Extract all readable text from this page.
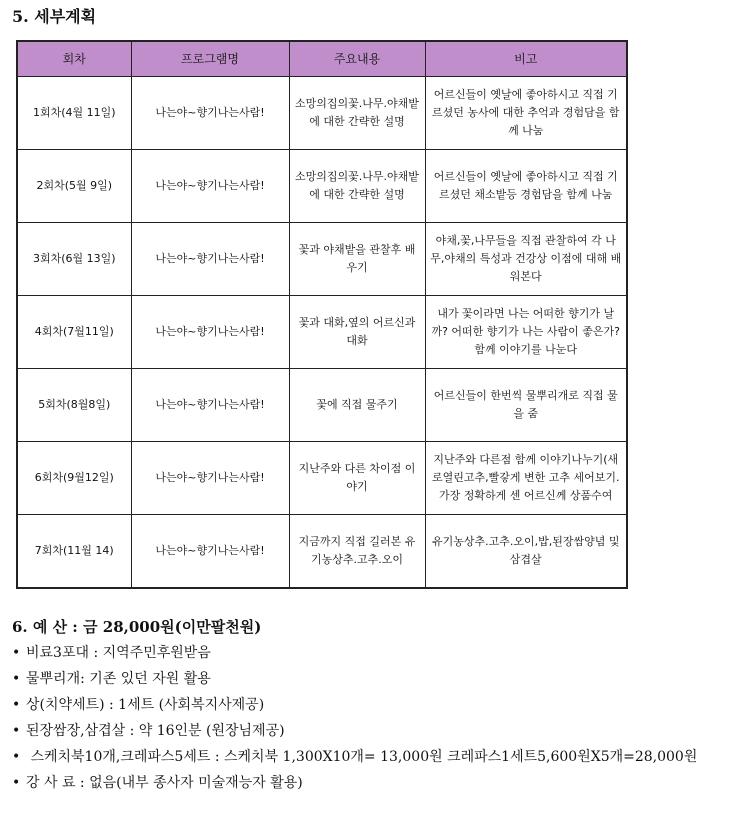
5. 세부계획
회차	프로그램명	주요내용	비고
1회차(4월 11일)	나는야~향기나는사람!	소망의집의꽃.나무.야채밭에 대한 간략한 설명	어르신들이 옛날에 좋아하시고 직접 기르셨던 농사에 대한 추억과 경험담을 함께 나눔
2회차(5월 9일)	나는야~향기나는사람!	소망의집의꽃.나무.야채밭에 대한 간략한 설명	어르신들이 옛날에 좋아하시고 직접 기르셨던 채소밭등 경험담을 함께 나눔
3회차(6월 13일)	나는야~향기나는사람!	꽃과 야채밭을 관찰후 배우기	야채,꽃,나무들을 직접 관찰하여 각 나무,야채의 특성과 건강상 이점에 대해 배워본다
4회차(7월11일)	나는야~향기나는사람!	꽃과 대화,옆의 어르신과 대화	내가 꽃이라면 나는 어떠한 향기가 날까? 어떠한 향기가 나는 사람이 좋은가? 함께 이야기를 나눈다
5회차(8월8일)	나는야~향기나는사람!	꽃에 직접 물주기	어르신들이 한번씩 물뿌리개로 직접 물을 줌
6회차(9월12일)	나는야~향기나는사람!	지난주와 다른 차이점 이야기	지난주와 다른점 함께 이야기나누기(새로열린고추,빨갛게 변한 고추 세어보기. 가장 정확하게 센 어르신께 상품수여
7회차(11월 14)	나는야~향기나는사람!	지금까지 직접 길러본 유기농상추.고추.오이	유기농상추.고추.오이,밥,된장쌈양념 및 삼겹살
6. 예 산 : 금 28,000원(이만팔천원)
• 비료3포대 : 지역주민후원받음
• 물뿌리개: 기존 있던 자원 활용
• 상(치약세트) : 1세트 (사회복지사제공)
• 된장쌈장,삼겹살 : 약 16인분 (원장님제공)
• 스케치북10개,크레파스5세트 : 스케치북 1,300X10개= 13,000원 크레파스1세트5,600원X5개=28,000원
• 강 사 료 : 없음(내부 종사자 미술재능자 활용)
